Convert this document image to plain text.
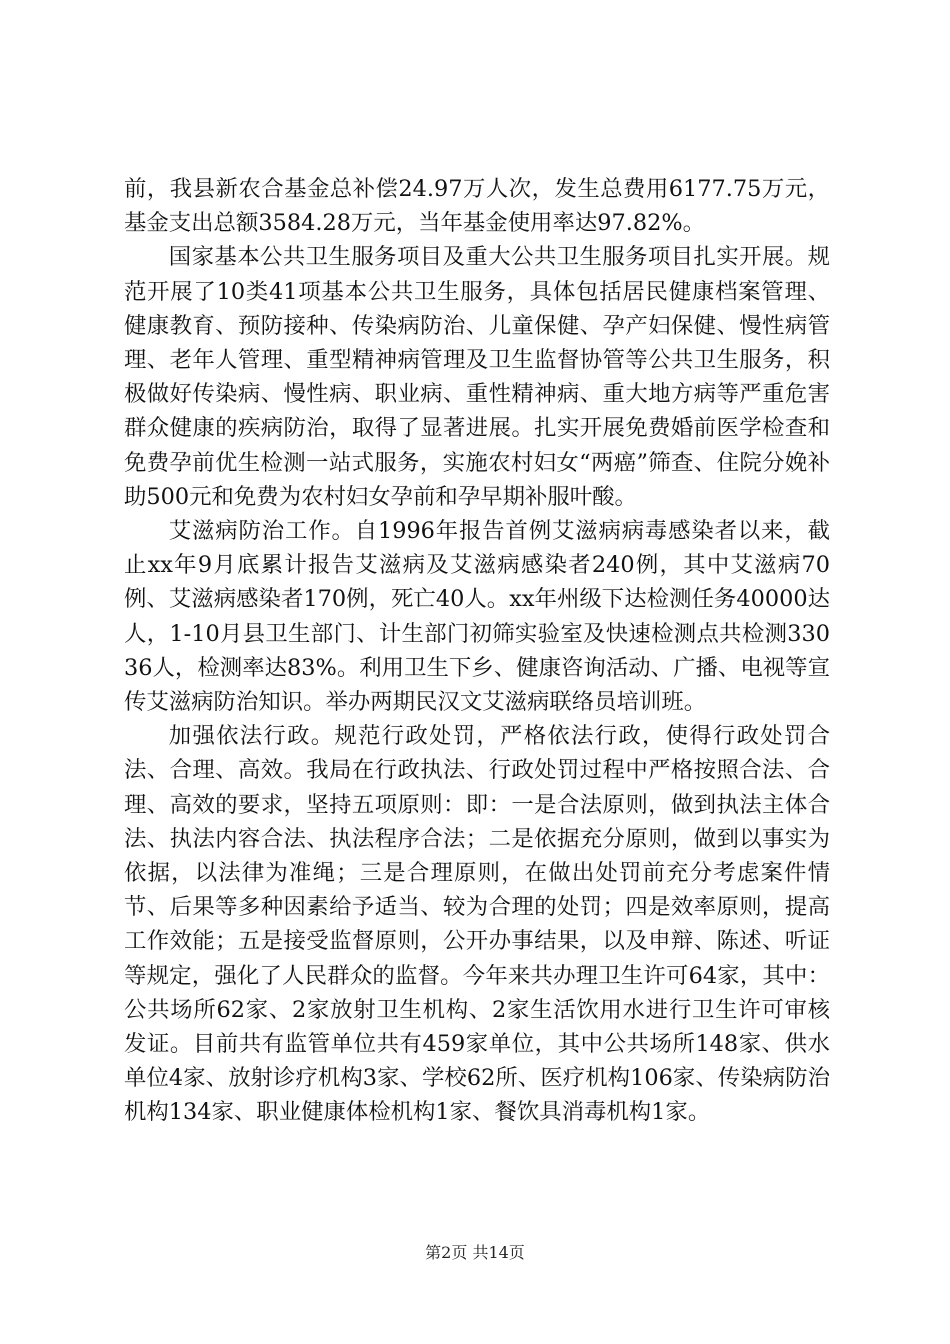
前，我县新农合基金总补偿24.97万人次，发生总费用6177.75万元，基金支出总额3584.28万元，当年基金使用率达97.82%。

国家基本公共卫生服务项目及重大公共卫生服务项目扎实开展。规范开展了10类41项基本公共卫生服务，具体包括居民健康档案管理、健康教育、预防接种、传染病防治、儿童保健、孕产妇保健、慢性病管理、老年人管理、重型精神病管理及卫生监督协管等公共卫生服务，积极做好传染病、慢性病、职业病、重性精神病、重大地方病等严重危害群众健康的疾病防治，取得了显著进展。扎实开展免费婚前医学检查和免费孕前优生检测一站式服务，实施农村妇女“两癌”筛查、住院分娩补助500元和免费为农村妇女孕前和孕早期补服叶酸。

艾滋病防治工作。自1996年报告首例艾滋病病毒感染者以来，截止xx年9月底累计报告艾滋病及艾滋病感染者240例，其中艾滋病70例、艾滋病感染者170例，死亡40人。xx年州级下达检测任务40000达人，1-10月县卫生部门、计生部门初筛实验室及快速检测点共检测33036人，检测率达83%。利用卫生下乡、健康咨询活动、广播、电视等宣传艾滋病防治知识。举办两期民汉文艾滋病联络员培训班。

加强依法行政。规范行政处罚，严格依法行政，使得行政处罚合法、合理、高效。我局在行政执法、行政处罚过程中严格按照合法、合理、高效的要求，坚持五项原则：即：一是合法原则，做到执法主体合法、执法内容合法、执法程序合法；二是依据充分原则，做到以事实为依据，以法律为准绳；三是合理原则，在做出处罚前充分考虑案件情节、后果等多种因素给予适当、较为合理的处罚；四是效率原则，提高工作效能；五是接受监督原则，公开办事结果，以及申辩、陈述、听证等规定，强化了人民群众的监督。今年来共办理卫生许可64家，其中：公共场所62家、2家放射卫生机构、2家生活饮用水进行卫生许可审核发证。目前共有监管单位共有459家单位，其中公共场所148家、供水单位4家、放射诊疗机构3家、学校62所、医疗机构106家、传染病防治机构134家、职业健康体检机构1家、餐饮具消毒机构1家。

第2页 共14页
